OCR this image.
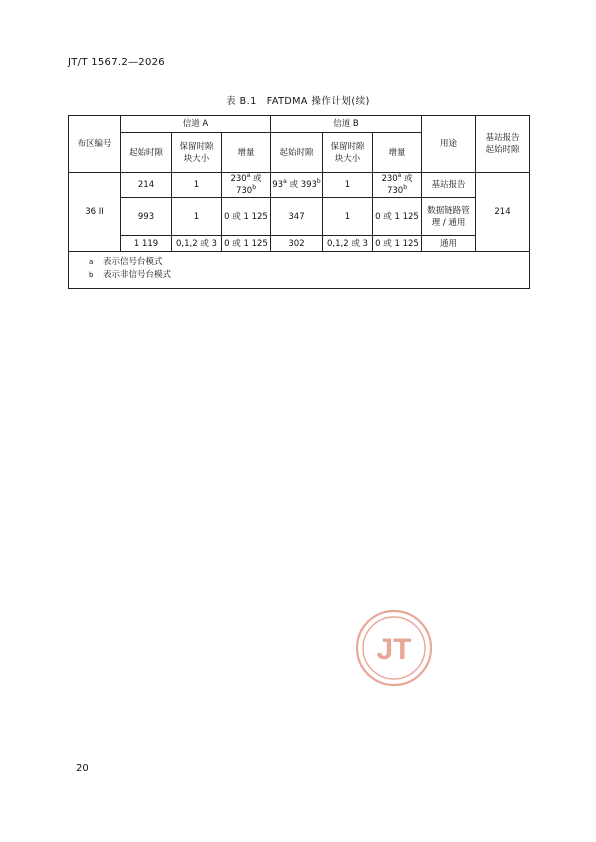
JT/T 1567.2—2026
表 B.1　FATDMA 操作计划(续)
布区编号	信道 A			信道 B			用途	基站报告起始时隙
	起始时隙	保留时隙块大小	增量	起始时隙	保留时隙块大小	增量		
36 II	214	1	230$^a$ 或 730$^b$	93$^a$ 或 393$^b$	1	230$^a$ 或 730$^b$	基站报告	214
	993	1	0 或 1 125	347	1	0 或 1 125	数据链路管理 / 通用	
	1 119	0,1,2 或 3	0 或 1 125	302	0,1,2 或 3	0 或 1 125	通用	

a 表示信号台模式
b 表示非信号台模式								
JT
20
